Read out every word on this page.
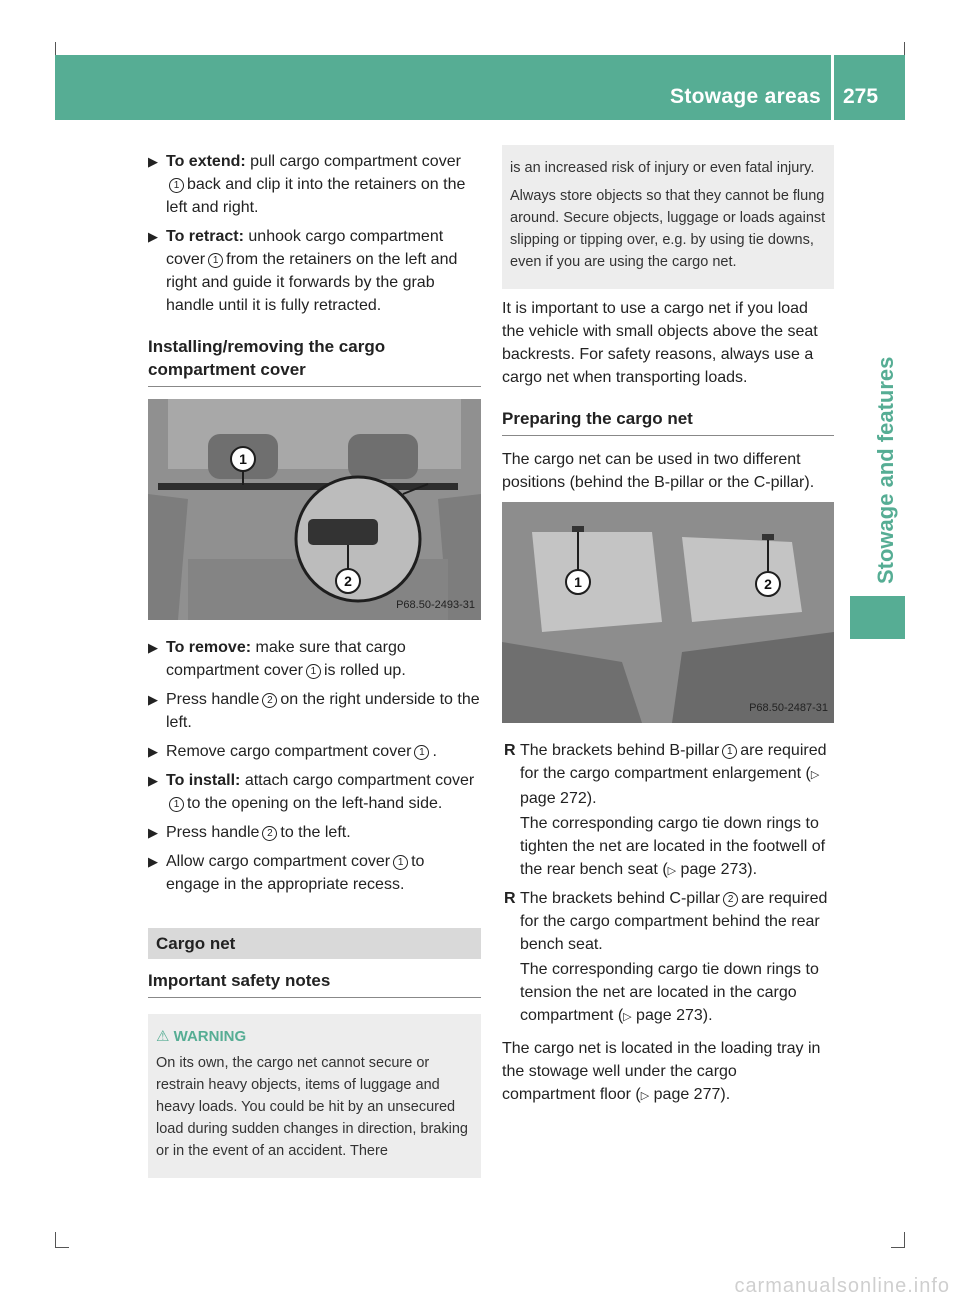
Stowage areas 275
Stowage and features
▶ To extend: pull cargo compartment cover1 back and clip it into the retainers on the left and right.
▶ To retract: unhook cargo compartment cover 1 from the retainers on the left and right and guide it forwards by the grab handle until it is fully retracted.
Installing/removing the cargo compartment cover
1
2
P68.50-2493-31
▶ To remove: make sure that cargo compartment cover 1 is rolled up.
▶ Press handle 2 on the right underside to the left.
▶ Remove cargo compartment cover 1 .
▶ To install: attach cargo compartment cover1 to the opening on the left-hand side.
▶ Press handle 2 to the left.
▶ Allow cargo compartment cover 1 to engage in the appropriate recess.
Cargo net
Important safety notes
⚠ WARNING

On its own, the cargo net cannot secure or restrain heavy objects, items of luggage and heavy loads. You could be hit by an unsecured load during sudden changes in direction, braking or in the event of an accident. There

is an increased risk of injury or even fatal injury.

Always store objects so that they cannot be flung around. Secure objects, luggage or loads against slipping or tipping over, e.g. by using tie downs, even if you are using the cargo net.

It is important to use a cargo net if you load the vehicle with small objects above the seat backrests. For safety reasons, always use a cargo net when transporting loads.
Preparing the cargo net
The cargo net can be used in two different positions (behind the B-pillar or the C-pillar).
1	2
P68.50-2487-31
R The brackets behind B-pillar 1 are required for the cargo compartment enlargement (▷ page 272).
The corresponding cargo tie down rings to tighten the net are located in the footwell of the rear bench seat (▷ page 273).
R The brackets behind C-pillar 2 are required for the cargo compartment behind the rear bench seat.
The corresponding cargo tie down rings to tension the net are located in the cargo compartment (▷ page 273).
The cargo net is located in the loading tray in the stowage well under the cargo compartment floor (▷ page 277).
carmanualsonline.info
